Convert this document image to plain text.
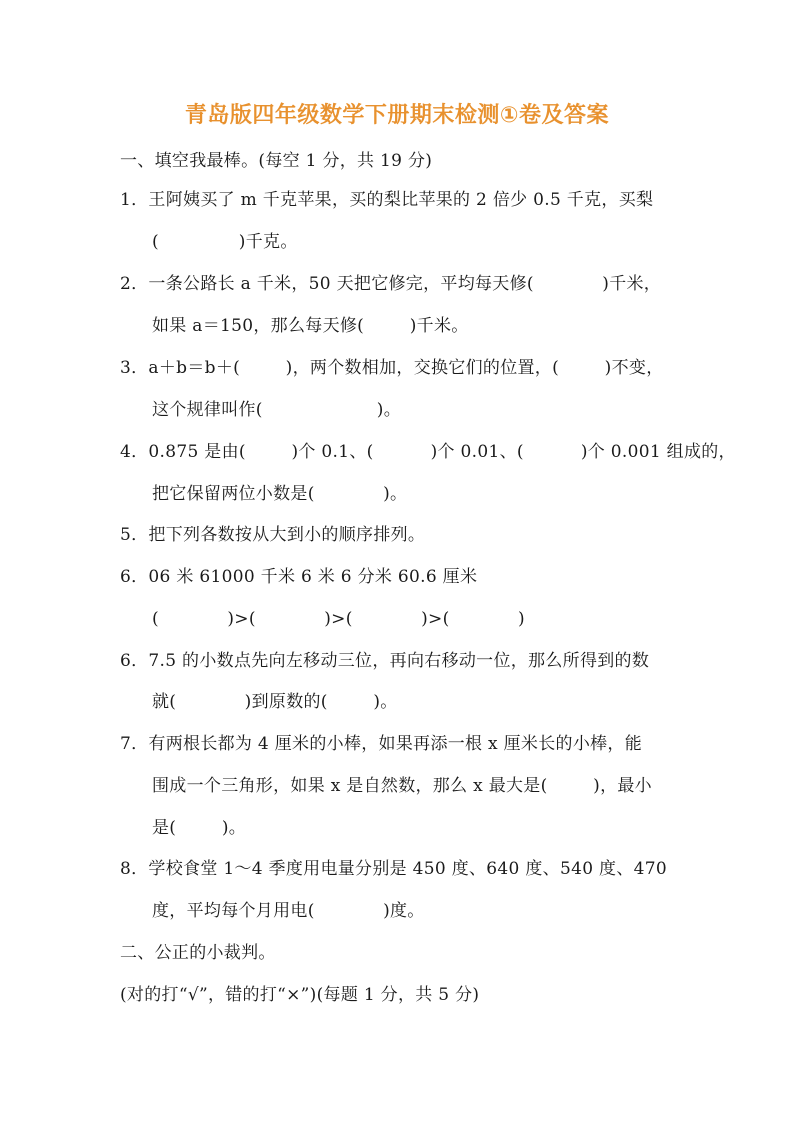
青岛版四年级数学下册期末检测①卷及答案
一、填空我最棒。(每空 1 分，共 19 分)
1．王阿姨买了 m 千克苹果，买的梨比苹果的 2 倍少 0.5 千克，买梨
(              )千克。
2．一条公路长 a 千米，50 天把它修完，平均每天修(            )千米，
如果 a＝150，那么每天修(        )千米。
3．a＋b＝b＋(        )，两个数相加，交换它们的位置，(        )不变，
这个规律叫作(                    )。
4．0.875 是由(        )个 0.1、(          )个 0.01、(          )个 0.001 组成的，
把它保留两位小数是(            )。
5．把下列各数按从大到小的顺序排列。
6．06 米 61000 千米 6 米 6 分米 60.6 厘米
(            )>(            )>(            )>(            )
6．7.5 的小数点先向左移动三位，再向右移动一位，那么所得到的数
就(            )到原数的(        )。
7．有两根长都为 4 厘米的小棒，如果再添一根 x 厘米长的小棒，能
围成一个三角形，如果 x 是自然数，那么 x 最大是(        )，最小
是(        )。
8．学校食堂 1～4 季度用电量分别是 450 度、640 度、540 度、470
度，平均每个月用电(            )度。
二、公正的小裁判。
(对的打“√”，错的打“×”)(每题 1 分，共 5 分)
